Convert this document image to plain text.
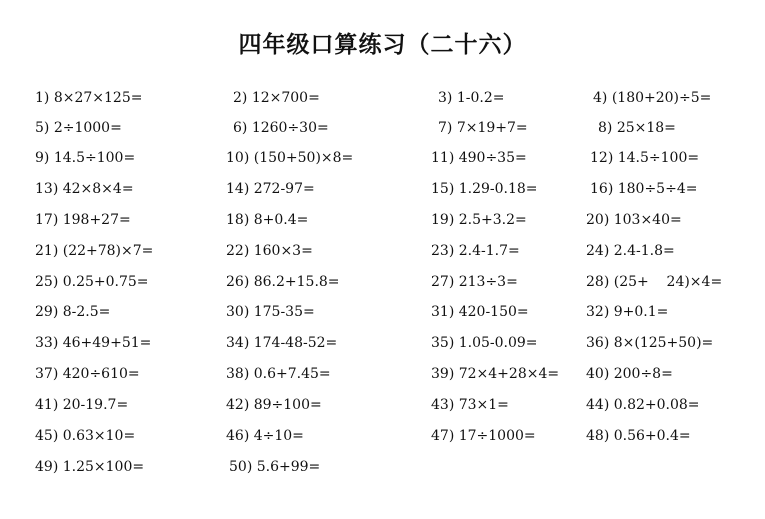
四年级口算练习（二十六）
1) 8×27×125=	2) 12×700=	3) 1-0.2=	4) (180+20)÷5=
5) 2÷1000=	6) 1260÷30=	7) 7×19+7=	8) 25×18=
9) 14.5÷100=	10) (150+50)×8=	11) 490÷35=	12) 14.5÷100=
13) 42×8×4=	14) 272-97=	15) 1.29-0.18=	16) 180÷5÷4=
17) 198+27=	18) 8+0.4=	19) 2.5+3.2=	20) 103×40=
21) (22+78)×7=	22) 160×3=	23) 2.4-1.7=	24) 2.4-1.8=
25) 0.25+0.75=	26) 86.2+15.8=	27) 213÷3=	28) (25+    24)×4=
29) 8-2.5=	30) 175-35=	31) 420-150=	32) 9+0.1=
33) 46+49+51=	34) 174-48-52=	35) 1.05-0.09=	36) 8×(125+50)=
37) 420÷610=	38) 0.6+7.45=	39) 72×4+28×4= 40) 200÷8=
41) 20-19.7=	42) 89÷100=	43) 73×1=	44) 0.82+0.08=
45) 0.63×10=	46) 4÷10=	47) 17÷1000=	48) 0.56+0.4=
49) 1.25×100=	50) 5.6+99=
